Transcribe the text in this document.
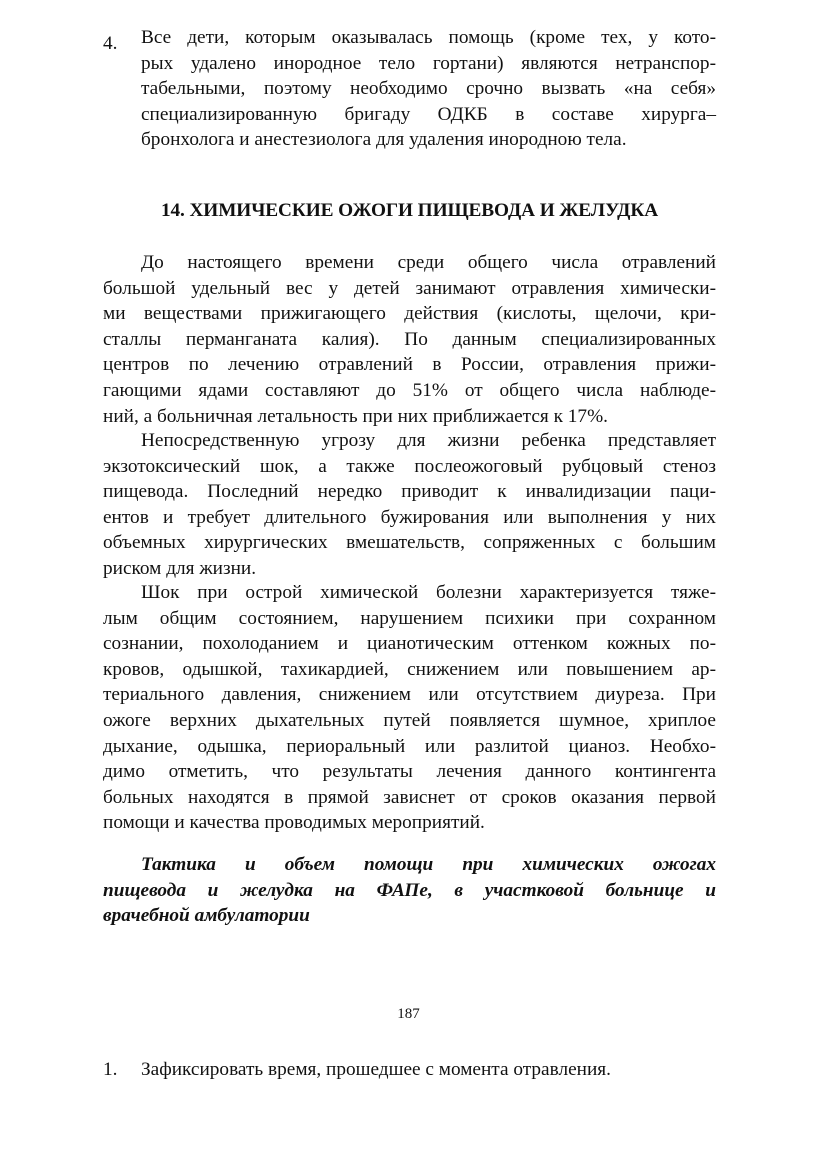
4.	Все дети, которым оказывалась помощь (кроме тех, у кото-
рых удалено инородное тело гортани) являются нетранспор-
табельными, поэтому необходимо срочно вызвать «на себя»
специализированную бригаду ОДКБ в составе хирурга–
бронхолога и анестезиолога для удаления инородною тела.
14. ХИМИЧЕСКИЕ ОЖОГИ ПИЩЕВОДА И ЖЕЛУДКА
До настоящего времени среди общего числа отравлений
большой удельный вес у детей занимают отравления химически-
ми веществами прижигающего действия (кислоты, щелочи, кри-
сталлы перманганата калия). По данным специализированных
центров по лечению отравлений в России, отравления прижи-
гающими ядами составляют до 51% от общего числа наблюде-
ний, а больничная летальность при них приближается к 17%.
Непосредственную угрозу для жизни ребенка представляет
экзотоксический шок, а также послеожоговый рубцовый стеноз
пищевода. Последний нередко приводит к инвалидизации паци-
ентов и требует длительного бужирования или выполнения у них
объемных хирургических вмешательств, сопряженных с большим
риском для жизни.
Шок при острой химической болезни характеризуется тяже-
лым общим состоянием, нарушением психики при сохранном
сознании, похолоданием и цианотическим оттенком кожных по-
кровов, одышкой, тахикардией, снижением или повышением ар-
териального давления, снижением или отсутствием диуреза. При
ожоге верхних дыхательных путей появляется шумное, хриплое
дыхание, одышка, периоральный или разлитой цианоз. Необхо-
димо отметить, что результаты лечения данного контингента
больных находятся в прямой зависнет от сроков оказания первой
помощи и качества проводимых мероприятий.
Тактика и объем помощи при химических ожогах
пищевода и желудка на ФАПе, в участковой больнице и
врачебной амбулатории
1.	Зафиксировать время, прошедшее с момента отравления.
187
